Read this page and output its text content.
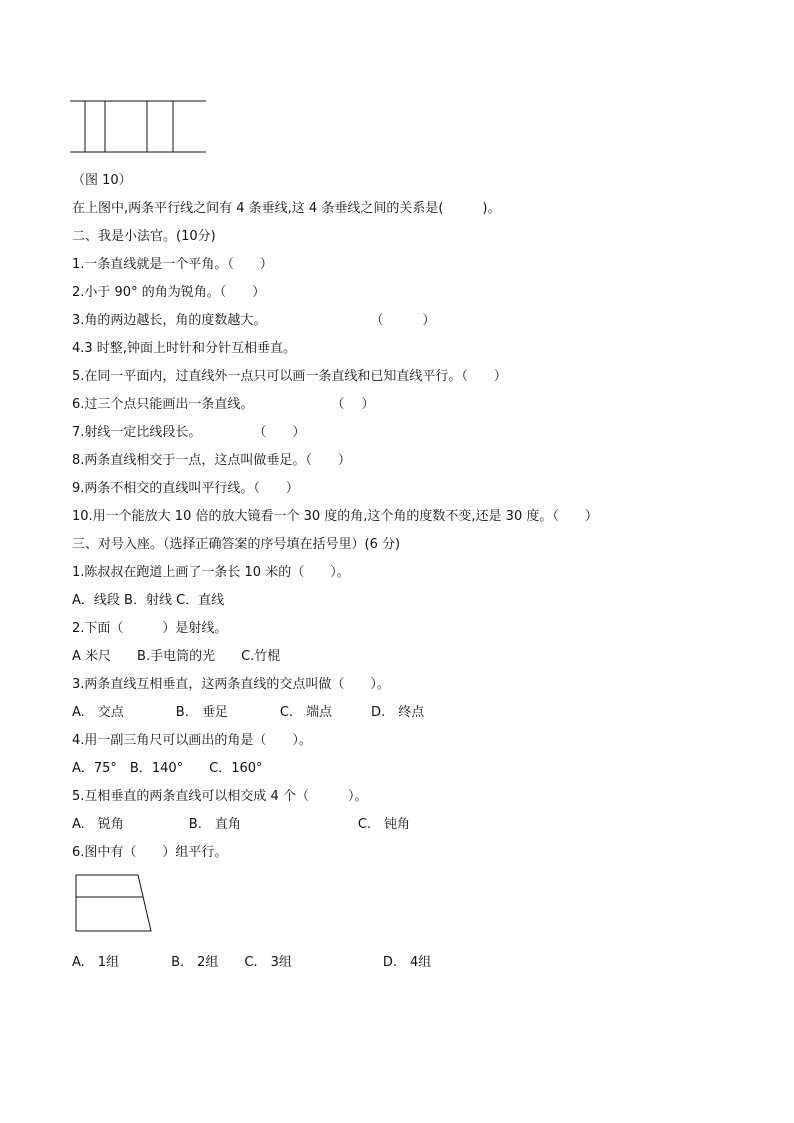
（图 10）
在上图中,两条平行线之间有 4 条垂线,这 4 条垂线之间的关系是(　　　)。
二、我是小法官。(10分)
1.一条直线就是一个平角。（　　）
2.小于 90° 的角为锐角。（　　）
3.角的两边越长，角的度数越大。　　　　　　　　　（　　　）
4.3 时整,钟面上时针和分针互相垂直。
5.在同一平面内，过直线外一点只可以画一条直线和已知直线平行。（　　）
6.过三个点只能画出一条直线。　　　　　　　（　 ）
7.射线一定比线段长。　　　　　（　　）
8.两条直线相交于一点，这点叫做垂足。（　　）
9.两条不相交的直线叫平行线。（　　）
10.用一个能放大 10 倍的放大镜看一个 30 度的角,这个角的度数不变,还是 30 度。（　　）
三、对号入座。（选择正确答案的序号填在括号里）(6 分)
1.陈叔叔在跑道上画了一条长 10 米的（　　）。
A．线段 B．射线 C．直线
2.下面（　　　）是射线。
A 米尺　　B.手电筒的光　　C.竹棍
3.两条直线互相垂直，这两条直线的交点叫做（　　）。
A.　交点　　　　B.　垂足　　　　C.　端点　　　D.　终点
4.用一副三角尺可以画出的角是（　　）。
A．75°　B．140°　　C．160°
5.互相垂直的两条直线可以相交成 4 个（　　　）。
A.　锐角　　　　　B.　直角　　　　　　　　　C.　钝角
6.图中有（　　）组平行。
A.　1组　　　　B.　2组　　C.　3组　　　　　　　D.　4组
